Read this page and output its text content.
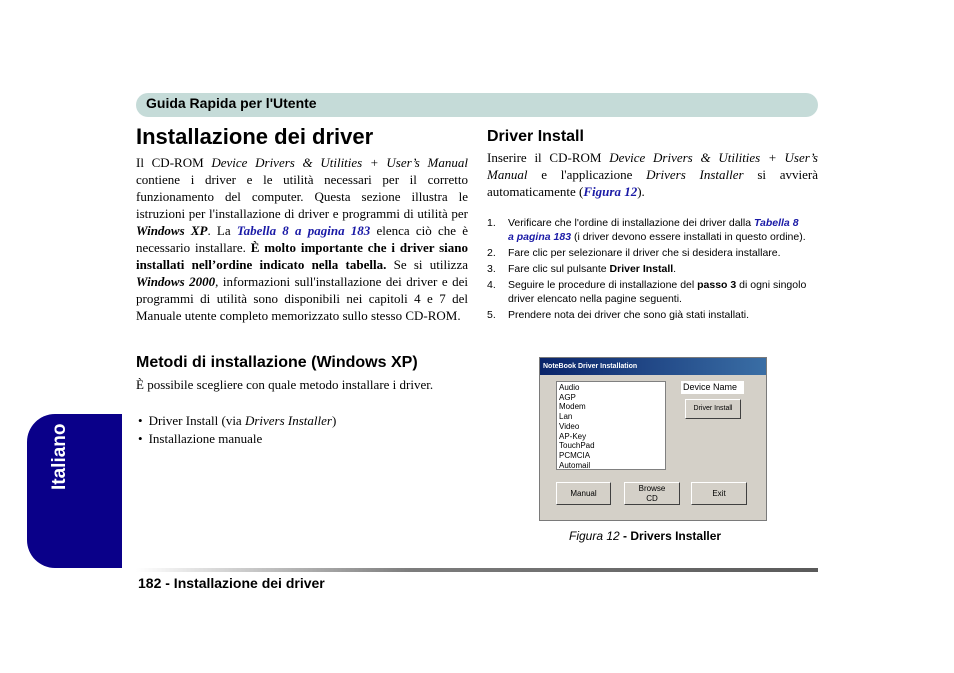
Guida Rapida per l'Utente
Italiano
Installazione dei driver

Il CD-ROM Device Drivers & Utilities + User’s Manual contiene i driver e le utilità necessari per il corretto funzionamento del computer. Questa sezione illustra le istruzioni per l'installazione di driver e programmi di utilità per Windows XP. La Tabella 8 a pagina 183 elenca ciò che è necessario installare. È molto importante che i driver siano installati nell’ordine indicato nella tabella. Se si utilizza Windows 2000, informazioni sull'installazione dei driver e dei programmi di utilità sono disponibili nei capitoli 4 e 7 del Manuale utente completo memorizzato sullo stesso CD-ROM.

Metodi di installazione (Windows XP)

È possibile scegliere con quale metodo installare i driver.

• Driver Install (via Drivers Installer)
• Installazione manuale
Driver Install

Inserire il CD-ROM Device Drivers & Utilities + User’s Manual e l'applicazione Drivers Installer si avvierà automaticamente (Figura 12).

1. Verificare che l'ordine di installazione dei driver dalla Tabella 8 a pagina 183 (i driver devono essere installati in questo ordine).
2. Fare clic per selezionare il driver che si desidera installare.
3. Fare clic sul pulsante Driver Install.
4. Seguire le procedure di installazione del passo 3 di ogni singolo driver elencato nella pagine seguenti.
5. Prendere nota dei driver che sono già stati installati.
NoteBook Driver Installation
Audio
AGP
Modem
Lan
Video
AP-Key
TouchPad
PCMCIA
Automail
Device Name
Driver Install
Manual
Browse
CD
Exit
Figura 12 - Drivers Installer
182 - Installazione dei driver
